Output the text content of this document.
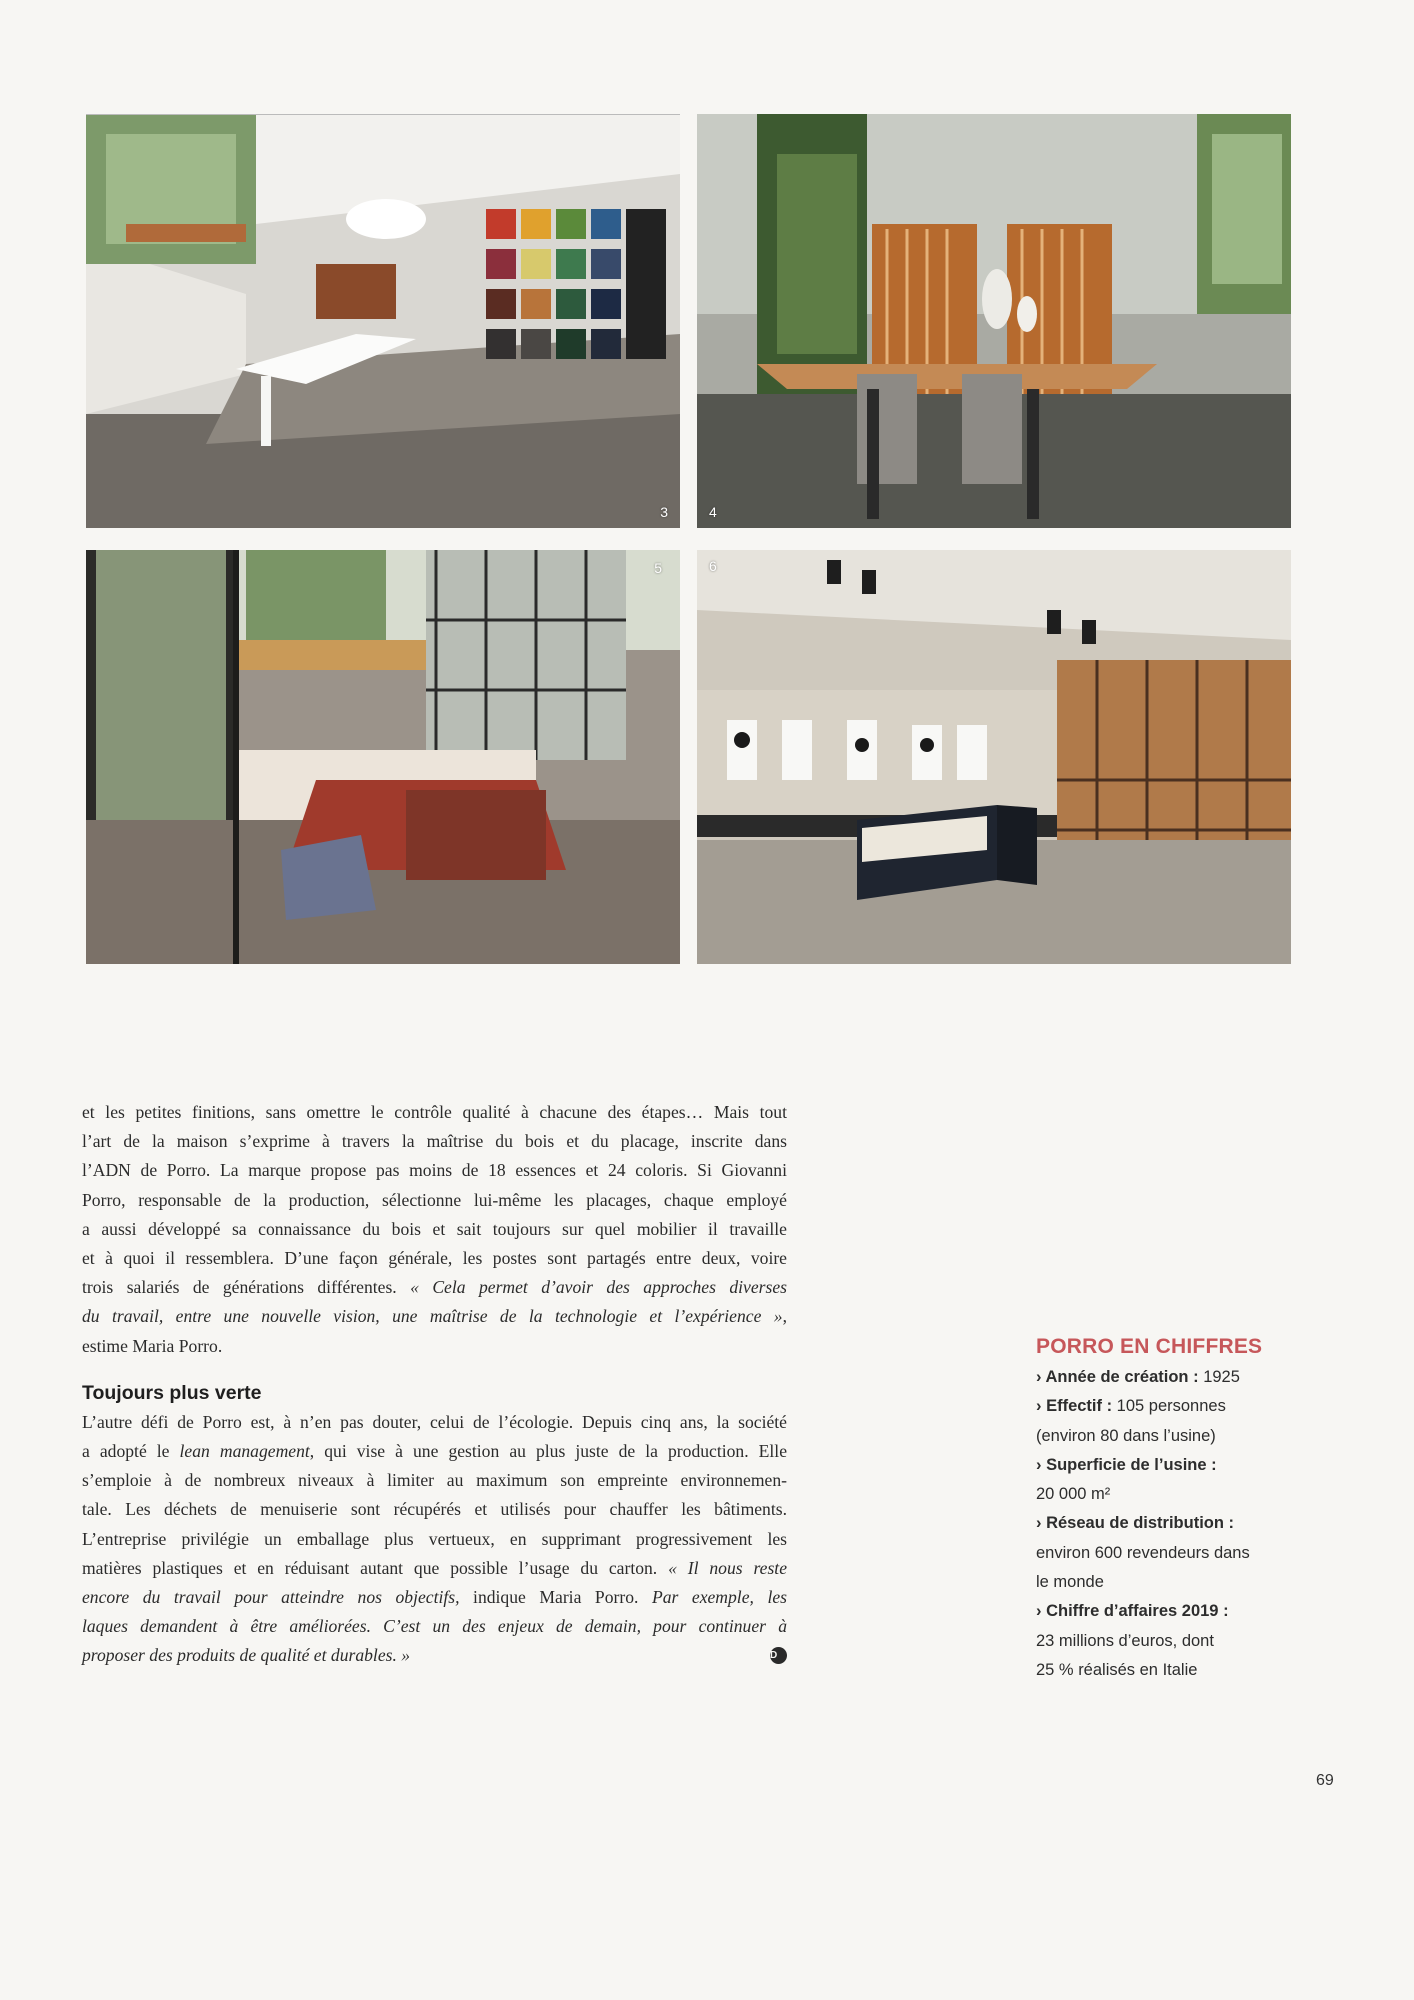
3	4
5	6
et les petites finitions, sans omettre le contrôle qualité à chacune des étapes… Mais tout
l’art de la maison s’exprime à travers la maîtrise du bois et du placage, inscrite dans
l’ADN de Porro. La marque propose pas moins de 18 essences et 24 coloris. Si Giovanni
Porro, responsable de la production, sélectionne lui-même les placages, chaque employé
a aussi développé sa connaissance du bois et sait toujours sur quel mobilier il travaille
et à quoi il ressemblera. D’une façon générale, les postes sont partagés entre deux, voire
trois salariés de générations différentes. « Cela permet d’avoir des approches diverses
du travail, entre une nouvelle vision, une maîtrise de la technologie et l’expérience »,
estime Maria Porro.
Toujours plus verte
L’autre défi de Porro est, à n’en pas douter, celui de l’écologie. Depuis cinq ans, la société
a adopté le lean management, qui vise à une gestion au plus juste de la production. Elle
s’emploie à de nombreux niveaux à limiter au maximum son empreinte environnemen-
tale. Les déchets de menuiserie sont récupérés et utilisés pour chauffer les bâtiments.
L’entreprise privilégie un emballage plus vertueux, en supprimant progressivement les
matières plastiques et en réduisant autant que possible l’usage du carton. « Il nous reste
encore du travail pour atteindre nos objectifs, indique Maria Porro. Par exemple, les
laques demandent à être améliorées. C’est un des enjeux de demain, pour continuer à
proposer des produits de qualité et durables. »	D
PORRO EN CHIFFRES
› Année de création : 1925
› Effectif : 105 personnes
(environ 80 dans l’usine)
› Superficie de l’usine :
20 000 m²
› Réseau de distribution :
environ 600 revendeurs dans
le monde
› Chiffre d’affaires 2019 :
23 millions d’euros, dont
25 % réalisés en Italie
69
